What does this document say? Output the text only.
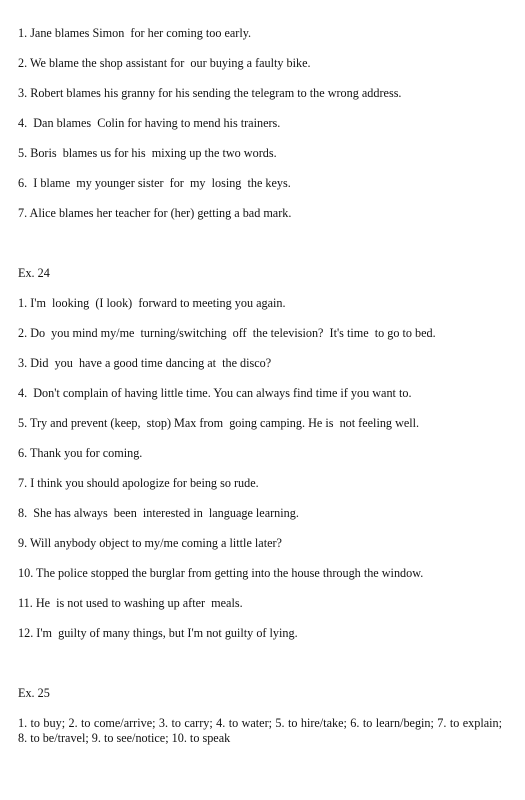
1. Jane blames Simon  for her coming too early.
2. We blame the shop assistant for  our buying a faulty bike.
3. Robert blames his granny for his sending the telegram to the wrong address.
4.  Dan blames  Colin for having to mend his trainers.
5. Boris  blames us for his  mixing up the two words.
6.  I blame  my younger sister  for  my  losing  the keys.
7. Alice blames her teacher for (her) getting a bad mark.
Ex. 24
1. I'm  looking  (I look)  forward to meeting you again.
2. Do  you mind my/me  turning/switching  off  the television?  It's time  to go to bed.
3. Did  you  have a good time dancing at  the disco?
4.  Don't complain of having little time. You can always find time if you want to.
5. Try and prevent (keep,  stop) Max from  going camping. He is  not feeling well.
6. Thank you for coming.
7. I think you should apologize for being so rude.
8.  She has always  been  interested in  language learning.
9. Will anybody object to my/me coming a little later?
10. The police stopped the burglar from getting into the house through the window.
11. He  is not used to washing up after  meals.
12. I'm  guilty of many things, but I'm not guilty of lying.
Ex. 25
1. to buy; 2. to come/arrive; 3. to carry; 4. to water; 5. to hire/take; 6. to learn/begin; 7. to explain; 8. to be/travel; 9. to see/notice; 10. to speak
